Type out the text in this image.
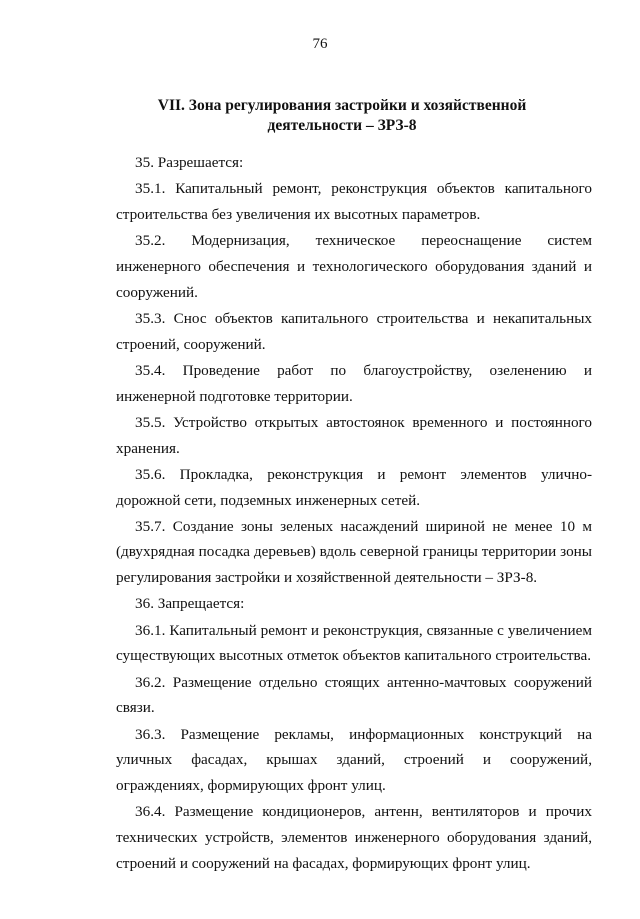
76
VII. Зона регулирования застройки и хозяйственной
деятельности – ЗРЗ-8

35. Разрешается:

35.1. Капитальный ремонт, реконструкция объектов капитального строительства без увеличения их высотных параметров.

35.2. Модернизация, техническое переоснащение систем инженерного обеспечения и технологического оборудования зданий и сооружений.

35.3. Снос объектов капитального строительства и некапитальных строений, сооружений.

35.4. Проведение работ по благоустройству, озеленению и инженерной подготовке территории.

35.5. Устройство открытых автостоянок временного и постоянного хранения.

35.6. Прокладка, реконструкция и ремонт элементов улично-дорожной сети, подземных инженерных сетей.

35.7. Создание зоны зеленых насаждений шириной не менее 10 м (двухрядная посадка деревьев) вдоль северной границы территории зоны регулирования застройки и хозяйственной деятельности – ЗРЗ-8.

36. Запрещается:

36.1. Капитальный ремонт и реконструкция, связанные с увеличением существующих высотных отметок объектов капитального строительства.

36.2. Размещение отдельно стоящих антенно-мачтовых сооружений связи.

36.3. Размещение рекламы, информационных конструкций на уличных фасадах, крышах зданий, строений и сооружений, ограждениях, формирующих фронт улиц.

36.4. Размещение кондиционеров, антенн, вентиляторов и прочих технических устройств, элементов инженерного оборудования зданий, строений и сооружений на фасадах, формирующих фронт улиц.
